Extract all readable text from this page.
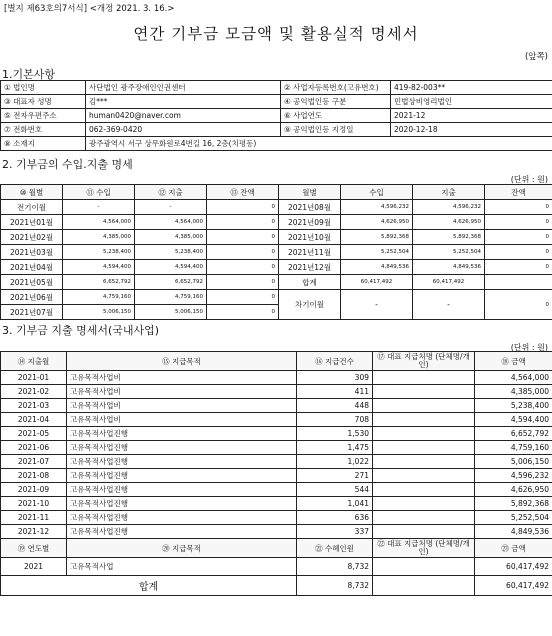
[별지 제63호의7서식] <개정 2021. 3. 16.>
연간 기부금 모금액 및 활용실적 명세서
(앞쪽)
1.기본사항
① 법인명	사단법인 광주장애인인권센터	② 사업자등록번호(고유번호)	419-82-003**
③ 대표자 성명	김***	④ 공익법인등 구분	민법상비영리법인
⑤ 전자우편주소	human0420@naver.com	⑥ 사업연도	2021-12
⑦ 전화번호	062-369-0420	⑨ 공익법인등 지정일	2020-12-18
⑧ 소재지	광주광역시 서구 상무화원로4번길 16, 2층(치평동)		
2. 기부금의 수입.지출 명세
(단위 : 원)
⑩ 월별	⑪ 수입	⑫ 지출	⑬ 잔액	월별	수입	지출	잔액
전기이월	-	-	0	2021년08월	4,596,232	4,596,232	0
2021년01월	4,564,000	4,564,000	0	2021년09월	4,626,950	4,626,950	0
2021년02월	4,385,000	4,385,000	0	2021년10월	5,892,368	5,892,368	0
2021년03월	5,238,400	5,238,400	0	2021년11월	5,252,504	5,252,504	0
2021년04월	4,594,400	4,594,400	0	2021년12월	4,849,536	4,849,536	0
2021년05월	6,652,792	6,652,792	0	합계	60,417,492	60,417,492	
2021년06월	4,759,160	4,759,160	0	차기이월	-	-	0
2021년07월	5,006,150	5,006,150	0				
3. 기부금 지출 명세서(국내사업)
(단위 : 원)
⑭ 지출월	⑮ 지급목적	⑯ 지급건수	⑰ 대표 지급처명 (단체명/개인)	⑱ 금액
2021-01	고유목적사업비	309		4,564,000
2021-02	고유목적사업비	411		4,385,000
2021-03	고유목적사업비	448		5,238,400
2021-04	고유목적사업비	708		4,594,400
2021-05	고유목적사업진행	1,530		6,652,792
2021-06	고유목적사업진행	1,475		4,759,160
2021-07	고유목적사업진행	1,022		5,006,150
2021-08	고유목적사업진행	271		4,596,232
2021-09	고유목적사업진행	544		4,626,950
2021-10	고유목적사업진행	1,041		5,892,368
2021-11	고유목적사업진행	636		5,252,504
2021-12	고유목적사업진행	337		4,849,536
⑲ 연도별	⑳ 지급목적	㉑ 수혜인원	㉒ 대표 지급처명 (단체명/개인)	㉓ 금액
2021	고유목적사업	8,732		60,417,492
합계		8,732		60,417,492
